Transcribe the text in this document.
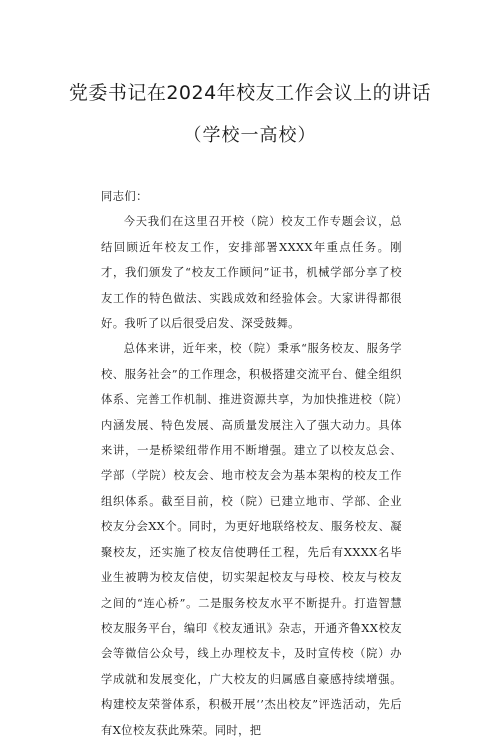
党委书记在2024年校友工作会议上的讲话
（学校一高校）

同志们：

今天我们在这里召开校（院）校友工作专题会议，总结回顾近年校友工作，安排部署XXXX年重点任务。刚才，我们颁发了“校友工作顾问”证书，机械学部分享了校友工作的特色做法、实践成效和经验体会。大家讲得都很好。我听了以后很受启发、深受鼓舞。

总体来讲，近年来，校（院）秉承“服务校友、服务学校、服务社会”的工作理念，积极搭建交流平台、健全组织体系、完善工作机制、推进资源共享，为加快推进校（院）内涵发展、特色发展、高质量发展注入了强大动力。具体来讲，一是桥梁纽带作用不断增强。建立了以校友总会、学部（学院）校友会、地市校友会为基本架构的校友工作组织体系。截至目前，校（院）已建立地市、学部、企业校友分会XX个。同时，为更好地联络校友、服务校友、凝聚校友，还实施了校友信使聘任工程，先后有XXXX名毕业生被聘为校友信使，切实架起校友与母校、校友与校友之间的“连心桥”。二是服务校友水平不断提升。打造智慧校友服务平台，编印《校友通讯》杂志，开通齐鲁XX校友会等微信公众号，线上办理校友卡，及时宣传校（院）办学成就和发展变化，广大校友的归属感自豪感持续增强。构建校友荣誉体系，积极开展‘’杰出校友”评选活动，先后有X位校友获此殊荣。同时，把
